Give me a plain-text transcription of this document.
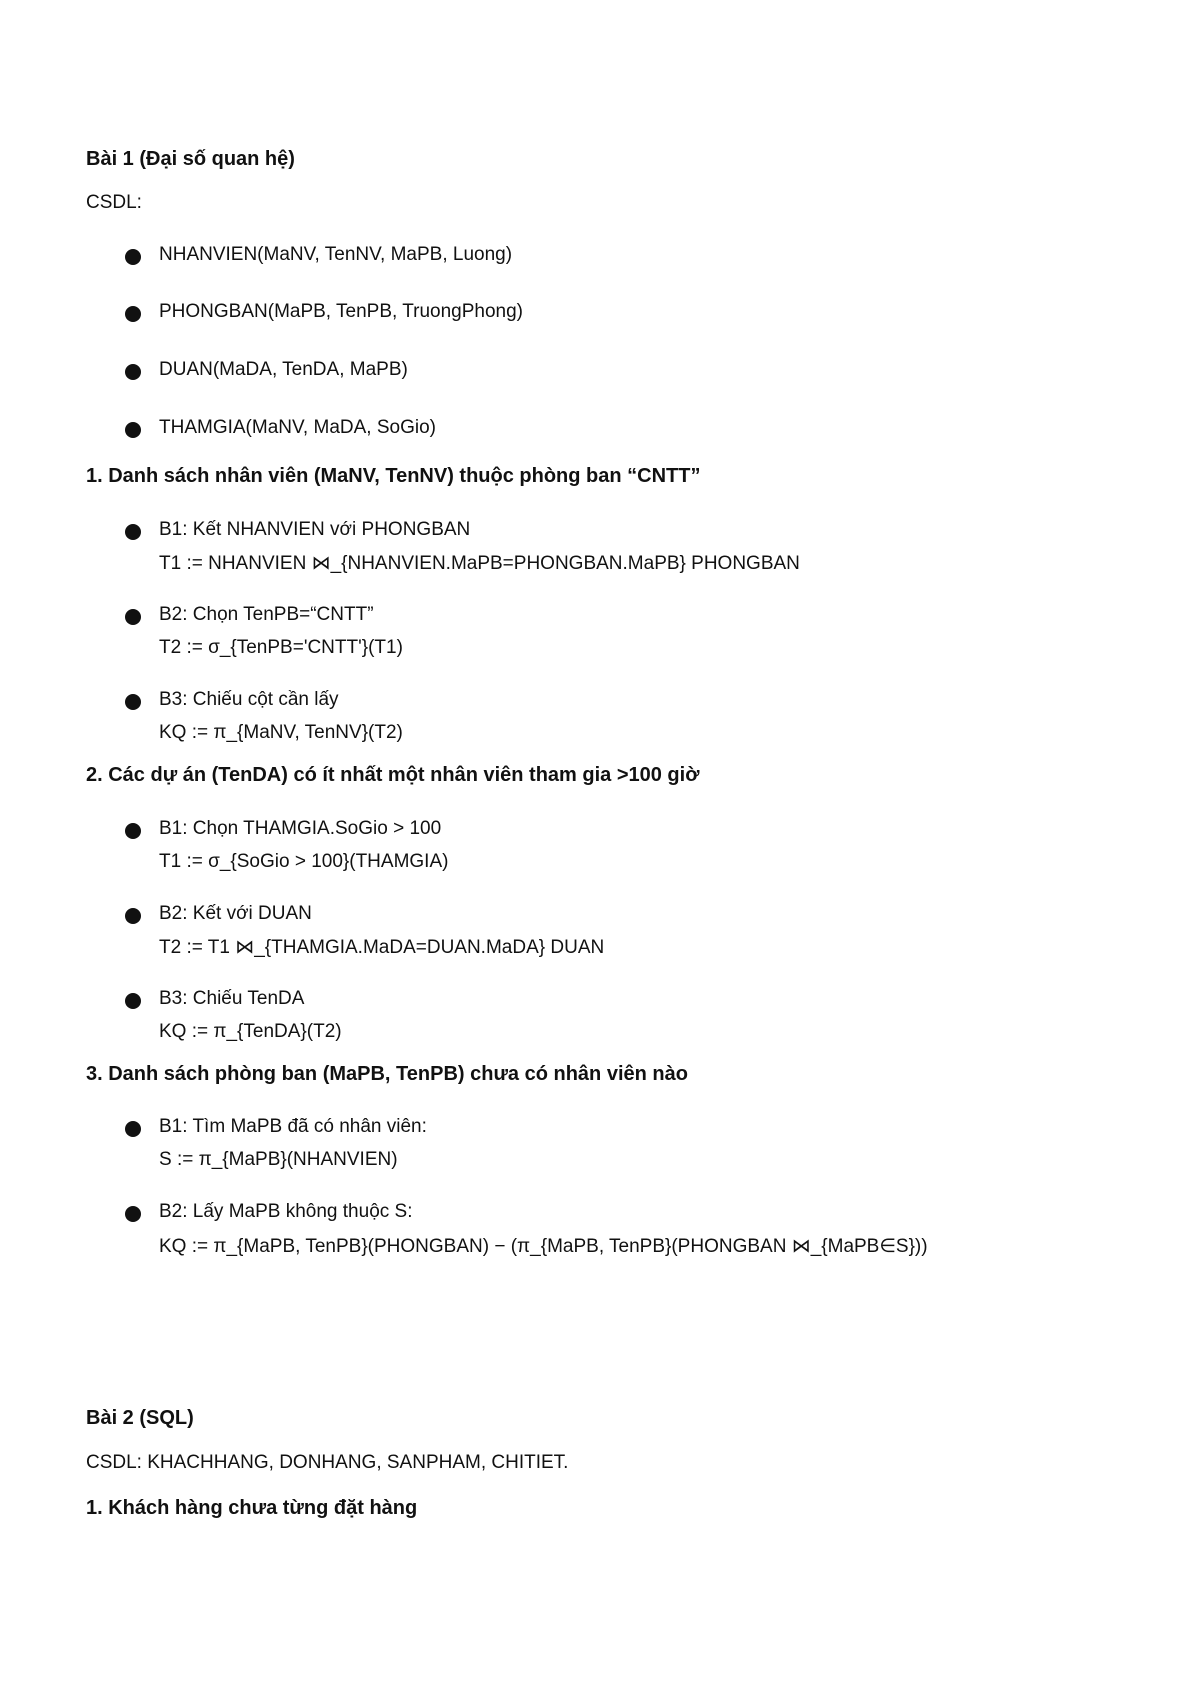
Bài 1 (Đại số quan hệ)
CSDL:
NHANVIEN(MaNV, TenNV, MaPB, Luong)
PHONGBAN(MaPB, TenPB, TruongPhong)
DUAN(MaDA, TenDA, MaPB)
THAMGIA(MaNV, MaDA, SoGio)
1. Danh sách nhân viên (MaNV, TenNV) thuộc phòng ban “CNTT”
B1: Kết NHANVIEN với PHONGBAN
T1 := NHANVIEN ⋈_{NHANVIEN.MaPB=PHONGBAN.MaPB} PHONGBAN
B2: Chọn TenPB=“CNTT”
T2 := σ_{TenPB='CNTT'}(T1)
B3: Chiếu cột cần lấy
KQ := π_{MaNV, TenNV}(T2)
2. Các dự án (TenDA) có ít nhất một nhân viên tham gia >100 giờ
B1: Chọn THAMGIA.SoGio > 100
T1 := σ_{SoGio > 100}(THAMGIA)
B2: Kết với DUAN
T2 := T1 ⋈_{THAMGIA.MaDA=DUAN.MaDA} DUAN
B3: Chiếu TenDA
KQ := π_{TenDA}(T2)
3. Danh sách phòng ban (MaPB, TenPB) chưa có nhân viên nào
B1: Tìm MaPB đã có nhân viên:
S := π_{MaPB}(NHANVIEN)
B2: Lấy MaPB không thuộc S:
KQ := π_{MaPB, TenPB}(PHONGBAN) − (π_{MaPB, TenPB}(PHONGBAN ⋈_{MaPB∈S}))
Bài 2 (SQL)
CSDL: KHACHHANG, DONHANG, SANPHAM, CHITIET.
1. Khách hàng chưa từng đặt hàng
